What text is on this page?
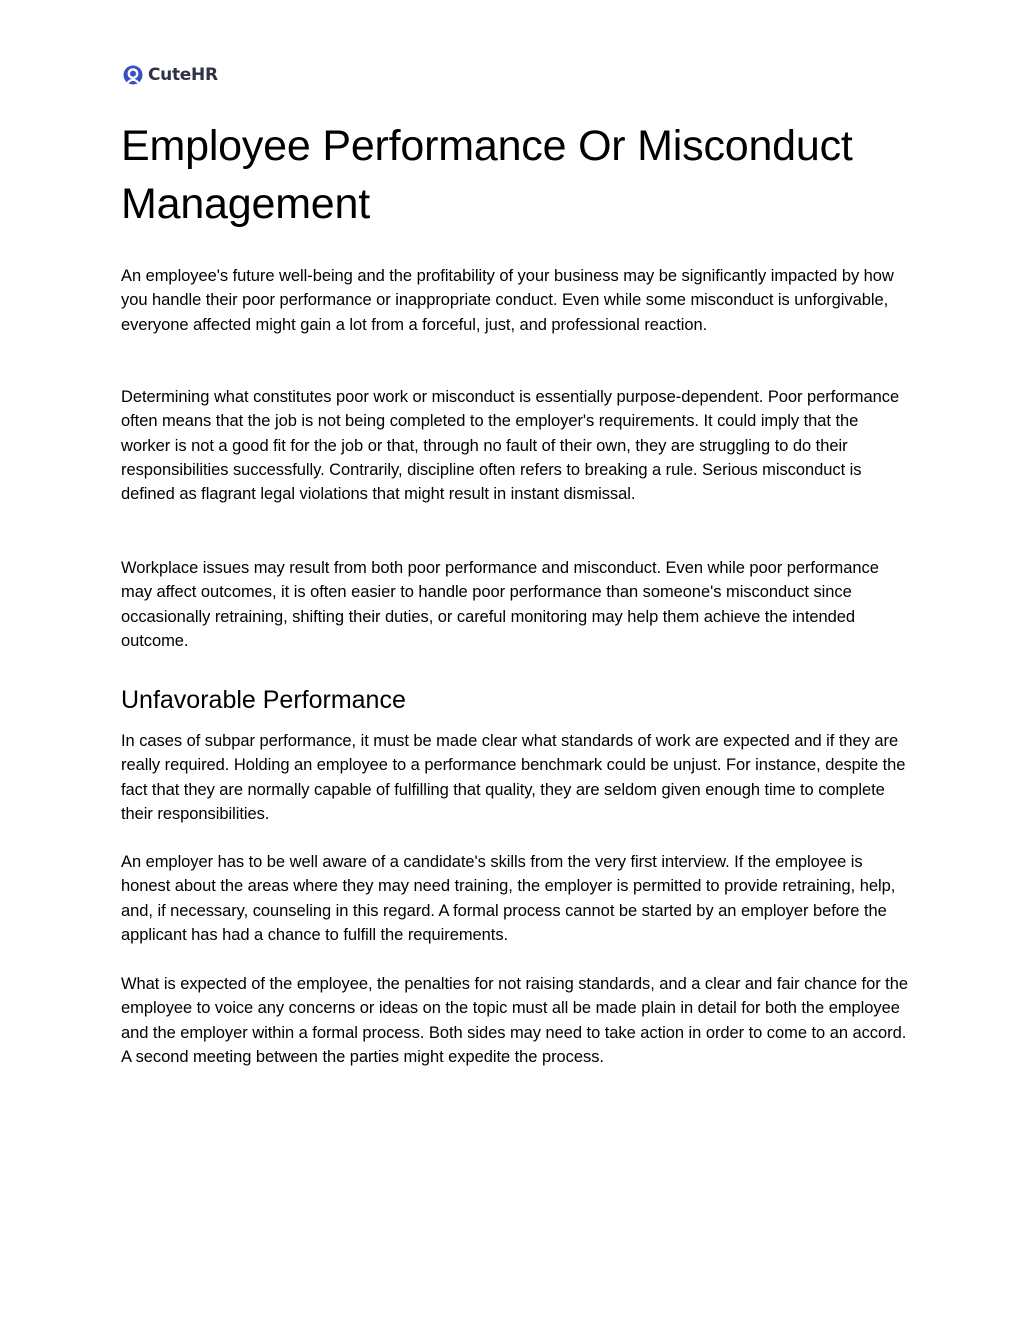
CuteHR
Employee Performance Or Misconduct Management

An employee's future well-being and the profitability of your business may be significantly impacted by how you handle their poor performance or inappropriate conduct. Even while some misconduct is unforgivable, everyone affected might gain a lot from a forceful, just, and professional reaction.

Determining what constitutes poor work or misconduct is essentially purpose-dependent. Poor performance often means that the job is not being completed to the employer's requirements. It could imply that the worker is not a good fit for the job or that, through no fault of their own, they are struggling to do their responsibilities successfully. Contrarily, discipline often refers to breaking a rule. Serious misconduct is defined as flagrant legal violations that might result in instant dismissal.

Workplace issues may result from both poor performance and misconduct. Even while poor performance may affect outcomes, it is often easier to handle poor performance than someone's misconduct since occasionally retraining, shifting their duties, or careful monitoring may help them achieve the intended outcome.

Unfavorable Performance

In cases of subpar performance, it must be made clear what standards of work are expected and if they are really required. Holding an employee to a performance benchmark could be unjust. For instance, despite the fact that they are normally capable of fulfilling that quality, they are seldom given enough time to complete their responsibilities.

An employer has to be well aware of a candidate's skills from the very first interview. If the employee is honest about the areas where they may need training, the employer is permitted to provide retraining, help, and, if necessary, counseling in this regard. A formal process cannot be started by an employer before the applicant has had a chance to fulfill the requirements.

What is expected of the employee, the penalties for not raising standards, and a clear and fair chance for the employee to voice any concerns or ideas on the topic must all be made plain in detail for both the employee and the employer within a formal process. Both sides may need to take action in order to come to an accord. A second meeting between the parties might expedite the process.
